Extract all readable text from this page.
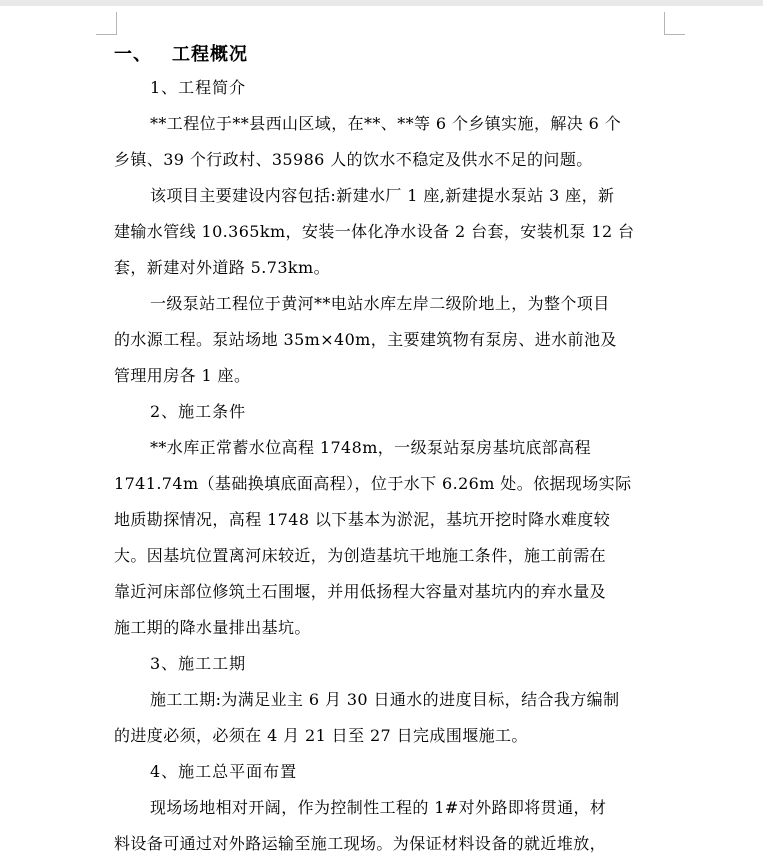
一、 工程概况
1、工程简介

**工程位于**县西山区域，在**、**等 6 个乡镇实施，解决 6 个
乡镇、39 个行政村、35986 人的饮水不稳定及供水不足的问题。

该项目主要建设内容包括:新建水厂 1 座,新建提水泵站 3 座，新
建输水管线 10.365km，安装一体化净水设备 2 台套，安装机泵 12 台
套，新建对外道路 5.73km。

一级泵站工程位于黄河**电站水库左岸二级阶地上，为整个项目
的水源工程。泵站场地 35m×40m，主要建筑物有泵房、进水前池及
管理用房各 1 座。

2、施工条件

**水库正常蓄水位高程 1748m，一级泵站泵房基坑底部高程
1741.74m（基础换填底面高程），位于水下 6.26m 处。依据现场实际
地质勘探情况，高程 1748 以下基本为淤泥，基坑开挖时降水难度较
大。因基坑位置离河床较近，为创造基坑干地施工条件，施工前需在
靠近河床部位修筑土石围堰，并用低扬程大容量对基坑内的弃水量及
施工期的降水量排出基坑。

3、施工工期

施工工期:为满足业主 6 月 30 日通水的进度目标，结合我方编制
的进度必须，必须在 4 月 21 日至 27 日完成围堰施工。

4、施工总平面布置

现场场地相对开阔，作为控制性工程的 1#对外路即将贯通，材
料设备可通过对外路运输至施工现场。为保证材料设备的就近堆放，
